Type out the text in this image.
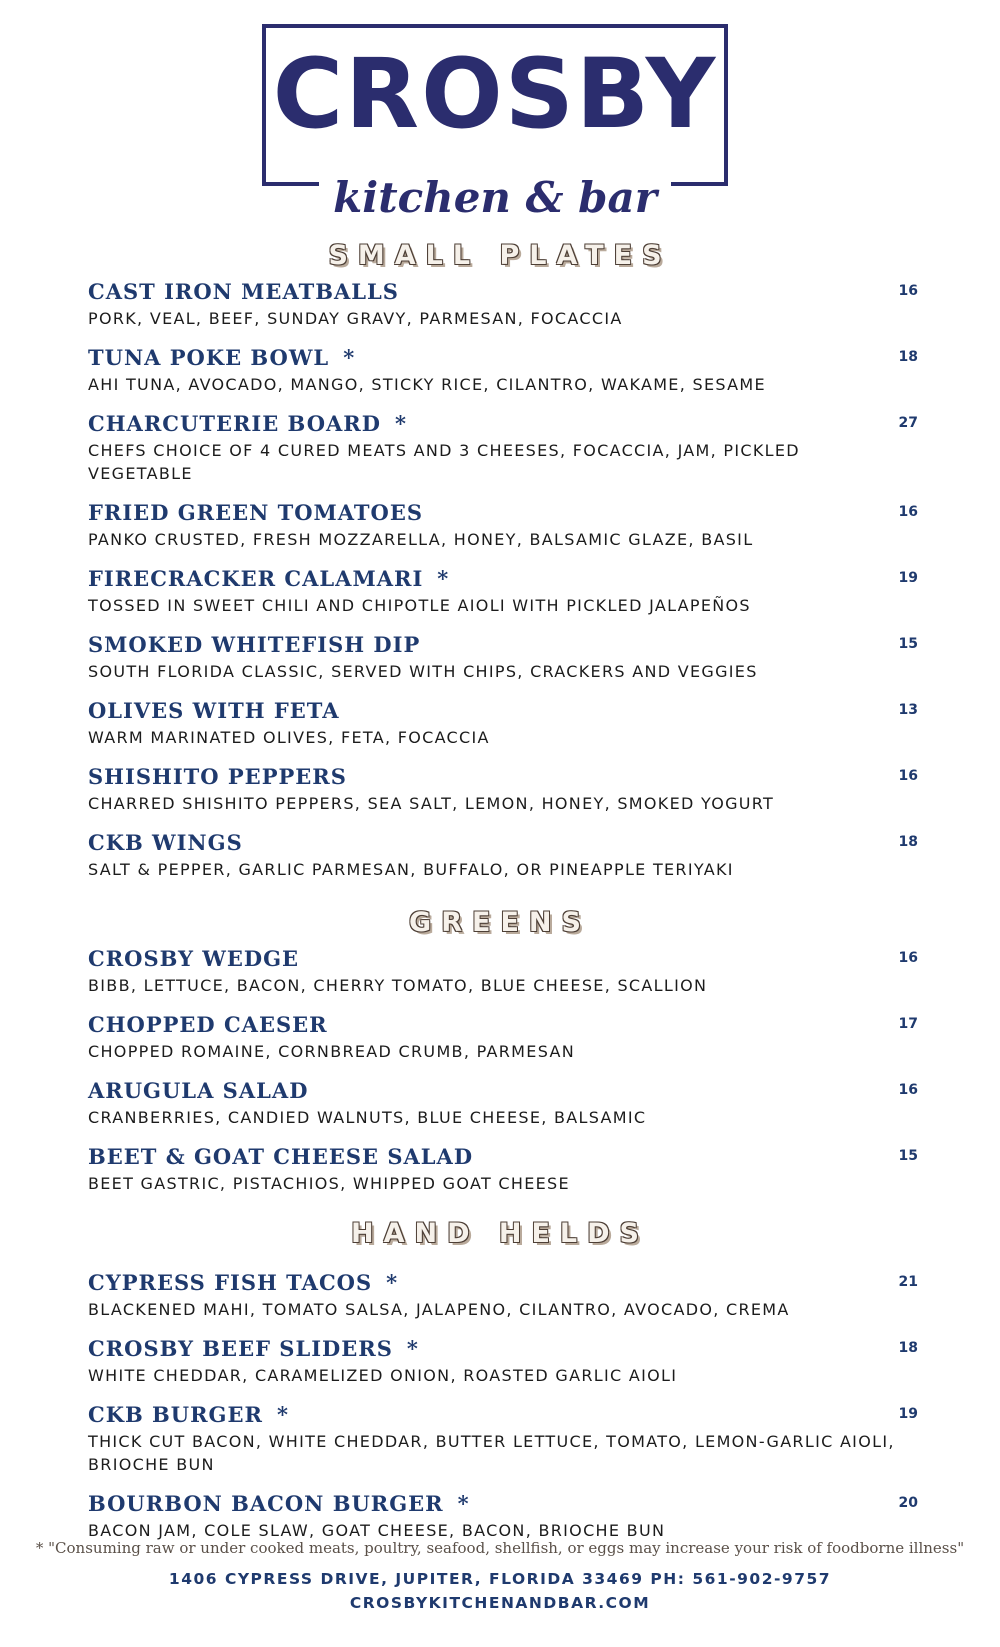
CROSBY
kitchen & bar
SMALL PLATES
CAST IRON MEATBALLS	16
PORK, VEAL, BEEF, SUNDAY GRAVY, PARMESAN, FOCACCIA
TUNA POKE BOWL *	18
AHI TUNA, AVOCADO, MANGO, STICKY RICE, CILANTRO, WAKAME, SESAME
CHARCUTERIE BOARD *	27
CHEFS CHOICE OF 4 CURED MEATS AND 3 CHEESES, FOCACCIA, JAM, PICKLED VEGETABLE
FRIED GREEN TOMATOES	16
PANKO CRUSTED, FRESH MOZZARELLA, HONEY, BALSAMIC GLAZE, BASIL
FIRECRACKER CALAMARI *	19
TOSSED IN SWEET CHILI AND CHIPOTLE AIOLI WITH PICKLED JALAPEÑOS
SMOKED WHITEFISH DIP	15
SOUTH FLORIDA CLASSIC, SERVED WITH CHIPS, CRACKERS AND VEGGIES
OLIVES WITH FETA	13
WARM MARINATED OLIVES, FETA, FOCACCIA
SHISHITO PEPPERS	16
CHARRED SHISHITO PEPPERS, SEA SALT, LEMON, HONEY, SMOKED YOGURT
CKB WINGS	18
SALT & PEPPER, GARLIC PARMESAN, BUFFALO, OR PINEAPPLE TERIYAKI
GREENS
CROSBY WEDGE	16
BIBB, LETTUCE, BACON, CHERRY TOMATO, BLUE CHEESE, SCALLION
CHOPPED CAESER	17
CHOPPED ROMAINE, CORNBREAD CRUMB, PARMESAN
ARUGULA SALAD	16
CRANBERRIES, CANDIED WALNUTS, BLUE CHEESE, BALSAMIC
BEET & GOAT CHEESE SALAD	15
BEET GASTRIC, PISTACHIOS, WHIPPED GOAT CHEESE
HAND HELDS
CYPRESS FISH TACOS *	21
BLACKENED MAHI, TOMATO SALSA, JALAPENO, CILANTRO, AVOCADO, CREMA
CROSBY BEEF SLIDERS *	18
WHITE CHEDDAR, CARAMELIZED ONION, ROASTED GARLIC AIOLI
CKB BURGER *	19
THICK CUT BACON, WHITE CHEDDAR, BUTTER LETTUCE, TOMATO, LEMON-GARLIC AIOLI, BRIOCHE BUN
BOURBON BACON BURGER *	20
BACON JAM, COLE SLAW, GOAT CHEESE, BACON, BRIOCHE BUN
* "Consuming raw or under cooked meats, poultry, seafood, shellfish, or eggs may increase your risk of foodborne illness"
1406 CYPRESS DRIVE, JUPITER, FLORIDA 33469 PH: 561-902-9757
CROSBYKITCHENANDBAR.COM
